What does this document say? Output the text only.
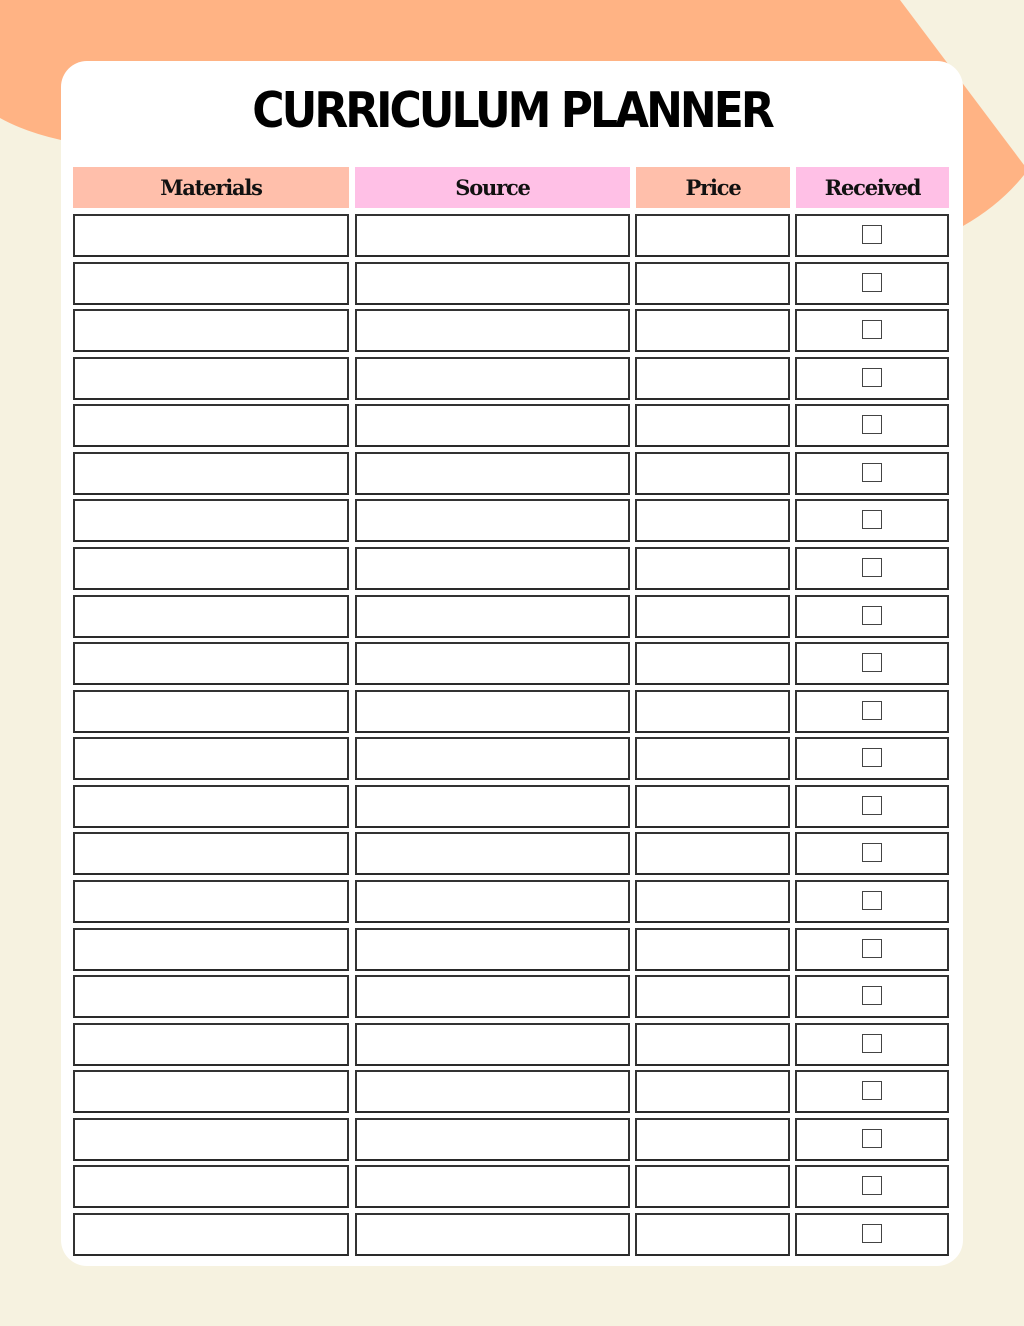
CURRICULUM PLANNER
Materials	Source	Price	Received
